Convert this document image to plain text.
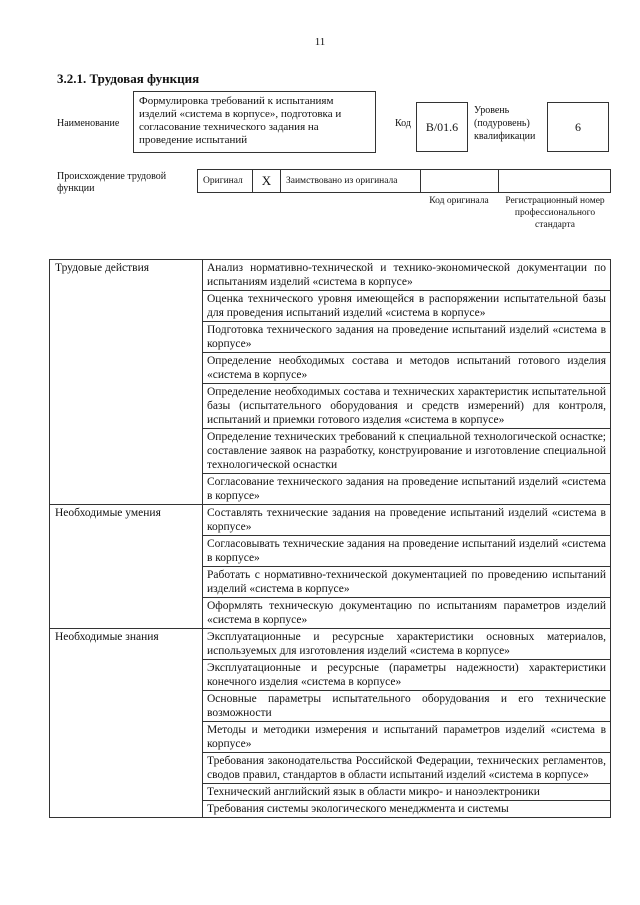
11
3.2.1. Трудовая функция
Наименование
Формулировка требований к испытаниям изделий «система в корпусе», подготовка и согласование технического задания на проведение испытаний
Код	B/01.6
Уровень (подуровень) квалификации
6
Происхождение трудовой функции
Оригинал X Заимствовано из оригинала
Код оригинала	Регистрационный номер профессионального стандарта
Трудовые действия	Анализ нормативно-технической и технико-экономической документации по испытаниям изделий «система в корпусе»
	Оценка технического уровня имеющейся в распоряжении испытательной базы для проведения испытаний изделий «система в корпусе»
	Подготовка технического задания на проведение испытаний изделий «система в корпусе»
	Определение необходимых состава и методов испытаний готового изделия «система в корпусе»
	Определение необходимых состава и технических характеристик испытательной базы (испытательного оборудования и средств измерений) для контроля, испытаний и приемки готового изделия «система в корпусе»
	Определение технических требований к специальной технологической оснастке; составление заявок на разработку, конструирование и изготовление специальной технологической оснастки
	Согласование технического задания на проведение испытаний изделий «система в корпусе»
Необходимые умения	Составлять технические задания на проведение испытаний изделий «система в корпусе»
	Согласовывать технические задания на проведение испытаний изделий «система в корпусе»
	Работать с нормативно-технической документацией по проведению испытаний изделий «система в корпусе»
	Оформлять техническую документацию по испытаниям параметров изделий «система в корпусе»
Необходимые знания	Эксплуатационные и ресурсные характеристики основных материалов, используемых для изготовления изделий «система в корпусе»
	Эксплуатационные и ресурсные (параметры надежности) характеристики конечного изделия «система в корпусе»
	Основные параметры испытательного оборудования и его технические возможности
	Методы и методики измерения и испытаний параметров изделий «система в корпусе»
	Требования законодательства Российской Федерации, технических регламентов, сводов правил, стандартов в области испытаний изделий «система в корпусе»
	Технический английский язык в области микро- и наноэлектроники
	Требования системы экологического менеджмента и системы
